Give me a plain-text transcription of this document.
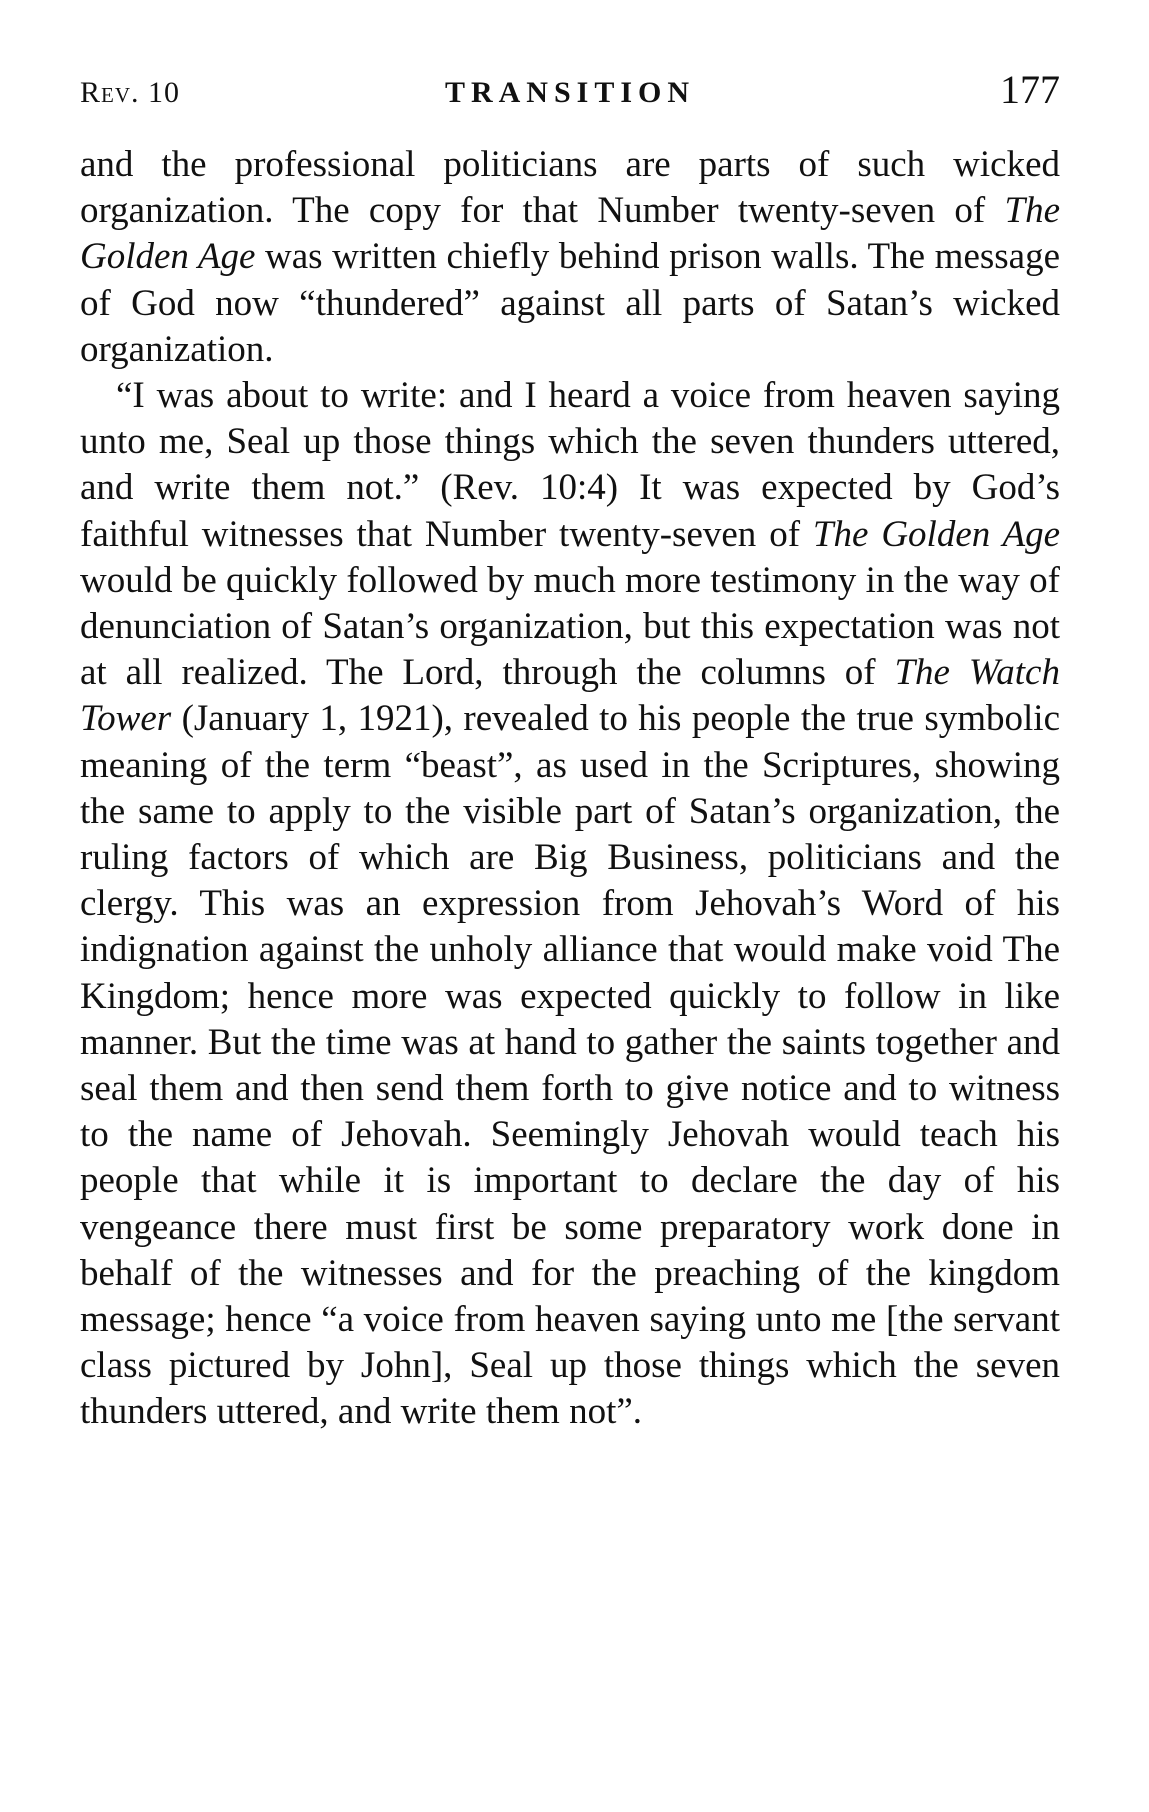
Rev. 10	TRANSITION	177

and the professional politicians are parts of such wicked organization. The copy for that Number twenty-seven of The Golden Age was written chiefly behind prison walls. The message of God now “thundered” against all parts of Satan’s wicked organization.

“I was about to write: and I heard a voice from heaven saying unto me, Seal up those things which the seven thunders uttered, and write them not.” (Rev. 10:4) It was expected by God’s faithful witnesses that Number twenty-seven of The Golden Age would be quickly followed by much more testimony in the way of denunciation of Satan’s organization, but this expectation was not at all realized. The Lord, through the columns of The Watch Tower (January 1, 1921), revealed to his people the true symbolic meaning of the term “beast”, as used in the Scriptures, showing the same to apply to the visible part of Satan’s organization, the ruling factors of which are Big Business, politicians and the clergy. This was an expression from Jehovah’s Word of his indignation against the unholy alliance that would make void The Kingdom; hence more was expected quickly to follow in like manner. But the time was at hand to gather the saints together and seal them and then send them forth to give notice and to witness to the name of Jehovah. Seemingly Jehovah would teach his people that while it is important to declare the day of his vengeance there must first be some preparatory work done in behalf of the witnesses and for the preaching of the kingdom message; hence “a voice from heaven saying unto me [the servant class pictured by John], Seal up those things which the seven thunders uttered, and write them not”.
